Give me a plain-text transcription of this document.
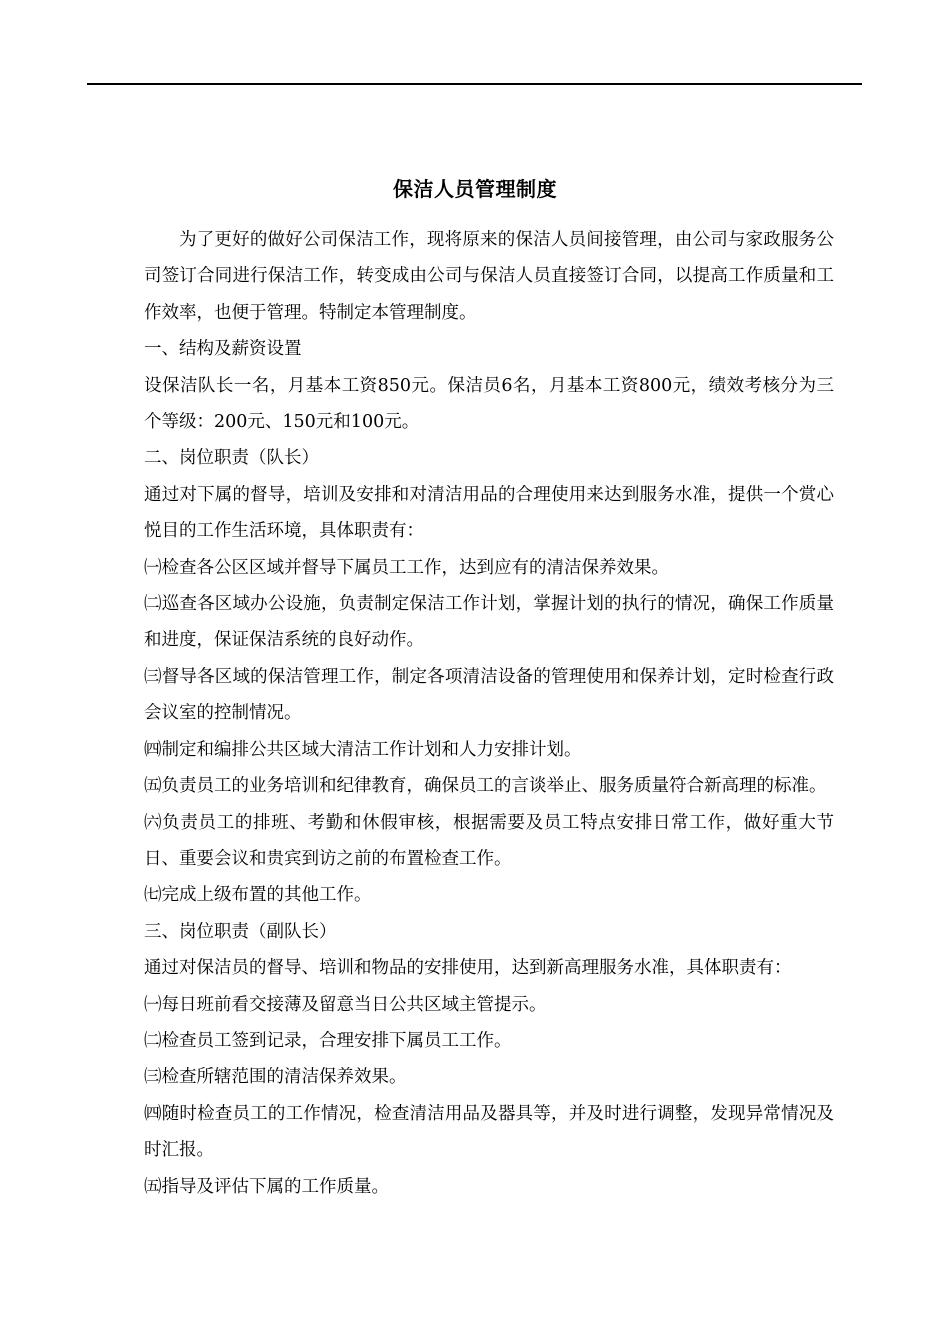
保洁人员管理制度

为了更好的做好公司保洁工作，现将原来的保洁人员间接管理，由公司与家政服务公司签订合同进行保洁工作，转变成由公司与保洁人员直接签订合同，以提高工作质量和工作效率，也便于管理。特制定本管理制度。

一、结构及薪资设置

设保洁队长一名，月基本工资850元。保洁员6名，月基本工资800元，绩效考核分为三个等级：200元、150元和100元。

二、岗位职责（队长）

通过对下属的督导，培训及安排和对清洁用品的合理使用来达到服务水准，提供一个赏心悦目的工作生活环境，具体职责有：

㈠检查各公区区域并督导下属员工工作，达到应有的清洁保养效果。

㈡巡查各区域办公设施，负责制定保洁工作计划，掌握计划的执行的情况，确保工作质量和进度，保证保洁系统的良好动作。

㈢督导各区域的保洁管理工作，制定各项清洁设备的管理使用和保养计划，定时检查行政会议室的控制情况。

㈣制定和编排公共区域大清洁工作计划和人力安排计划。

㈤负责员工的业务培训和纪律教育，确保员工的言谈举止、服务质量符合新高理的标准。

㈥负责员工的排班、考勤和休假审核，根据需要及员工特点安排日常工作，做好重大节日、重要会议和贵宾到访之前的布置检查工作。

㈦完成上级布置的其他工作。

三、岗位职责（副队长）

通过对保洁员的督导、培训和物品的安排使用，达到新高理服务水准，具体职责有：

㈠每日班前看交接薄及留意当日公共区域主管提示。

㈡检查员工签到记录，合理安排下属员工工作。

㈢检查所辖范围的清洁保养效果。

㈣随时检查员工的工作情况，检查清洁用品及器具等，并及时进行调整，发现异常情况及时汇报。

㈤指导及评估下属的工作质量。
